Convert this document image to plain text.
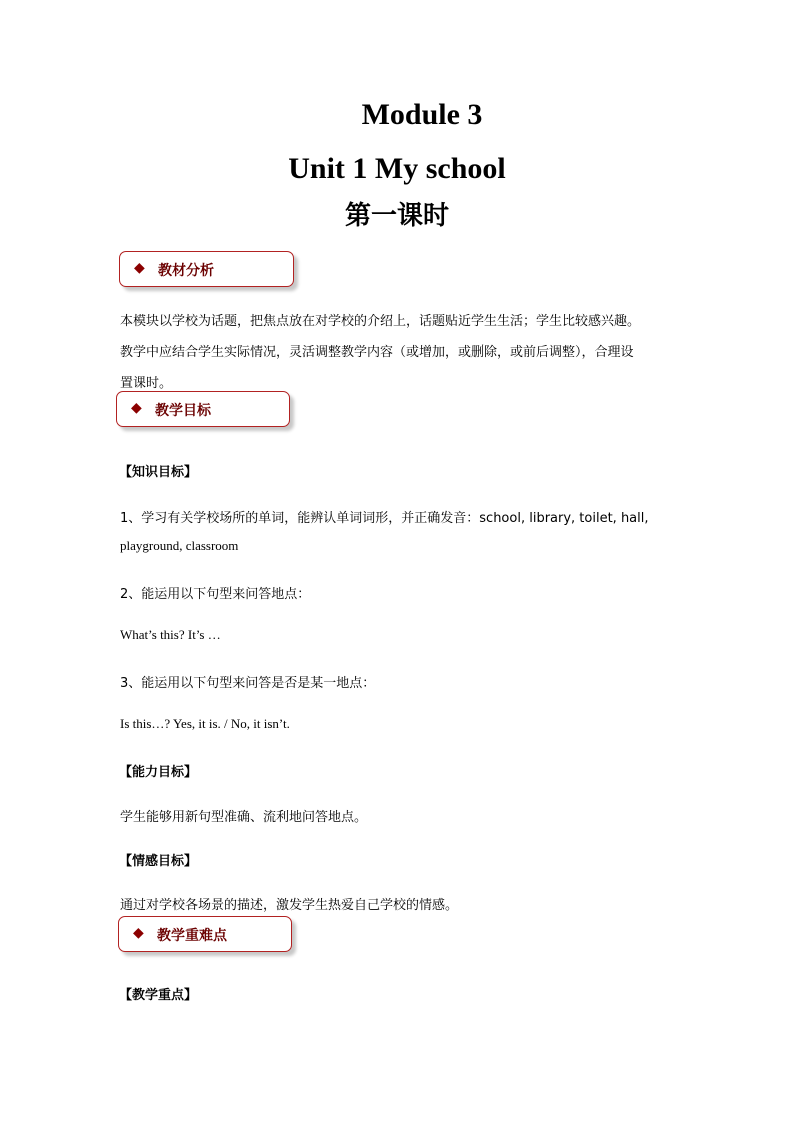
Module 3
Unit 1 My school
第一课时
◆ 教材分析
本模块以学校为话题，把焦点放在对学校的介绍上，话题贴近学生生活；学生比较感兴趣。
教学中应结合学生实际情况，灵活调整教学内容（或增加，或删除，或前后调整），合理设
置课时。
◆ 教学目标
【知识目标】
1、学习有关学校场所的单词，能辨认单词词形，并正确发音：school, library, toilet, hall,
playground, classroom
2、能运用以下句型来问答地点：
What’s this? It’s …
3、能运用以下句型来问答是否是某一地点：
Is this…? Yes, it is. / No, it isn’t.
【能力目标】
学生能够用新句型准确、流利地问答地点。
【情感目标】
通过对学校各场景的描述，激发学生热爱自己学校的情感。
◆ 教学重难点
【教学重点】
